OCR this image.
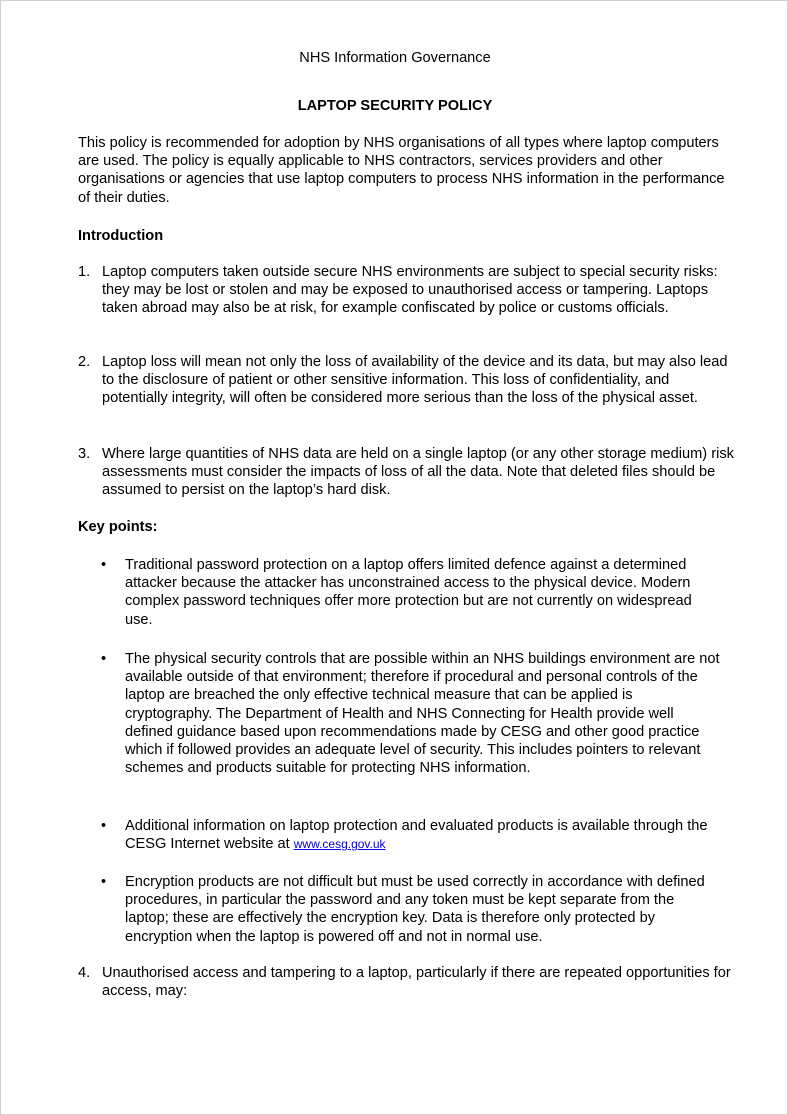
NHS Information Governance
LAPTOP SECURITY POLICY
This policy is recommended for adoption by NHS organisations of all types where laptop computers are used. The policy is equally applicable to NHS contractors, services providers and other organisations or agencies that use laptop computers to process NHS information in the performance of their duties.
Introduction
1. Laptop computers taken outside secure NHS environments are subject to special security risks: they may be lost or stolen and may be exposed to unauthorised access or tampering. Laptops taken abroad may also be at risk, for example confiscated by police or customs officials.
2. Laptop loss will mean not only the loss of availability of the device and its data, but may also lead to the disclosure of patient or other sensitive information. This loss of confidentiality, and potentially integrity, will often be considered more serious than the loss of the physical asset.
3. Where large quantities of NHS data are held on a single laptop (or any other storage medium) risk assessments must consider the impacts of loss of all the data. Note that deleted files should be assumed to persist on the laptop’s hard disk.
Key points:
• Traditional password protection on a laptop offers limited defence against a determined attacker because the attacker has unconstrained access to the physical device. Modern complex password techniques offer more protection but are not currently on widespread use.
• The physical security controls that are possible within an NHS buildings environment are not available outside of that environment; therefore if procedural and personal controls of the laptop are breached the only effective technical measure that can be applied is cryptography. The Department of Health and NHS Connecting for Health provide well defined guidance based upon recommendations made by CESG and other good practice which if followed provides an adequate level of security. This includes pointers to relevant schemes and products suitable for protecting NHS information.
• Additional information on laptop protection and evaluated products is available through the CESG Internet website at www.cesg.gov.uk
• Encryption products are not difficult but must be used correctly in accordance with defined procedures, in particular the password and any token must be kept separate from the laptop; these are effectively the encryption key. Data is therefore only protected by encryption when the laptop is powered off and not in normal use.
4. Unauthorised access and tampering to a laptop, particularly if there are repeated opportunities for access, may:
